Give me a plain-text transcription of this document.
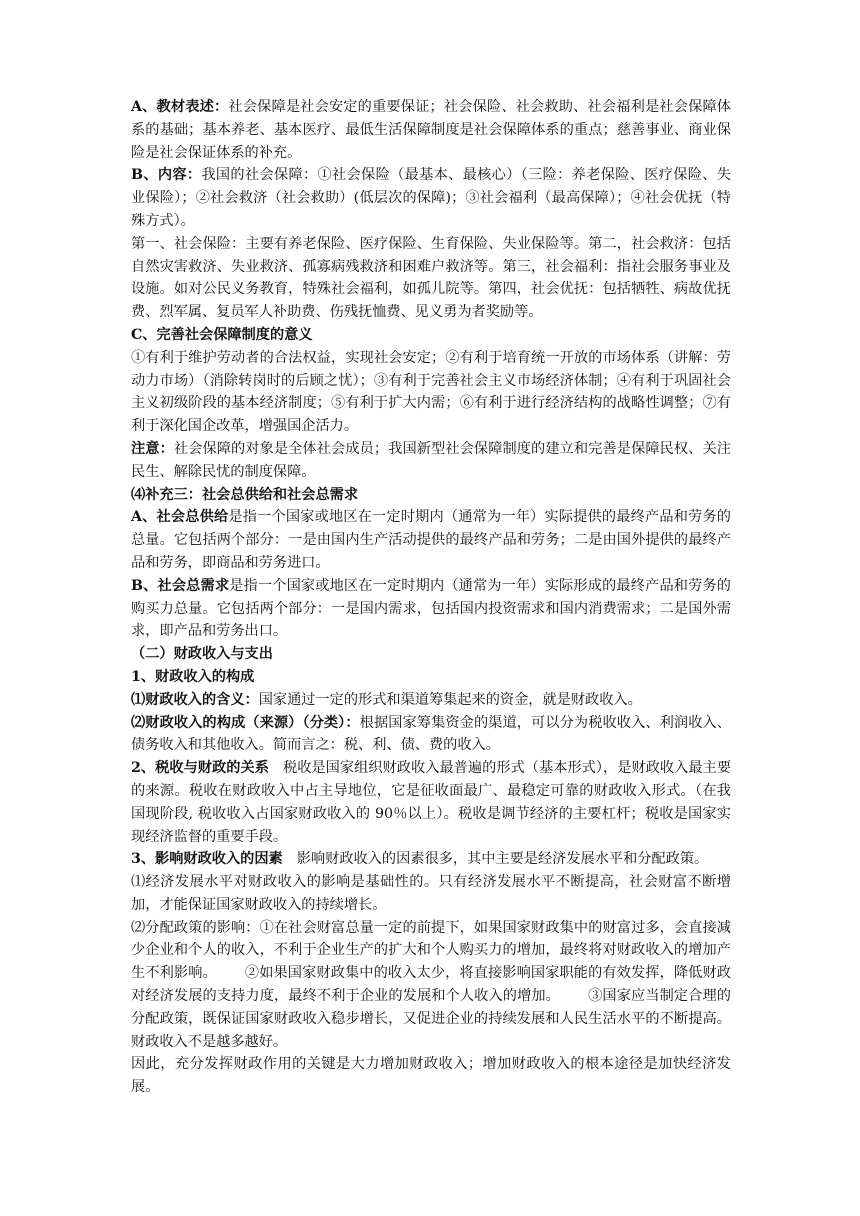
A、教材表述：社会保障是社会安定的重要保证；社会保险、社会救助、社会福利是社会保障体系的基础；基本养老、基本医疗、最低生活保障制度是社会保障体系的重点；慈善事业、商业保险是社会保证体系的补充。

B、内容：我国的社会保障：①社会保险（最基本、最核心）（三险：养老保险、医疗保险、失业保险）；②社会救济（社会救助）(低层次的保障)；③社会福利（最高保障）；④社会优抚（特殊方式）。

第一、社会保险：主要有养老保险、医疗保险、生育保险、失业保险等。第二，社会救济：包括自然灾害救济、失业救济、孤寡病残救济和困难户救济等。第三，社会福利：指社会服务事业及设施。如对公民义务教育，特殊社会福利，如孤儿院等。第四，社会优抚：包括牺牲、病故优抚费、烈军属、复员军人补助费、伤残抚恤费、见义勇为者奖励等。

C、完善社会保障制度的意义

①有利于维护劳动者的合法权益，实现社会安定；②有利于培育统一开放的市场体系（讲解：劳动力市场）（消除转岗时的后顾之忧）；③有利于完善社会主义市场经济体制；④有利于巩固社会主义初级阶段的基本经济制度；⑤有利于扩大内需；⑥有利于进行经济结构的战略性调整；⑦有利于深化国企改革，增强国企活力。

注意：社会保障的对象是全体社会成员；我国新型社会保障制度的建立和完善是保障民权、关注民生、解除民忧的制度保障。

⑷补充三：社会总供给和社会总需求

A、社会总供给是指一个国家或地区在一定时期内（通常为一年）实际提供的最终产品和劳务的总量。它包括两个部分：一是由国内生产活动提供的最终产品和劳务；二是由国外提供的最终产品和劳务，即商品和劳务进口。

B、社会总需求是指一个国家或地区在一定时期内（通常为一年）实际形成的最终产品和劳务的购买力总量。它包括两个部分：一是国内需求，包括国内投资需求和国内消费需求；二是国外需求，即产品和劳务出口。

（二）财政收入与支出

1、财政收入的构成

⑴财政收入的含义：国家通过一定的形式和渠道筹集起来的资金，就是财政收入。

⑵财政收入的构成（来源）（分类）：根据国家筹集资金的渠道，可以分为税收收入、利润收入、债务收入和其他收入。简而言之：税、利、债、费的收入。

2、税收与财政的关系 税收是国家组织财政收入最普遍的形式（基本形式），是财政收入最主要的来源。税收在财政收入中占主导地位，它是征收面最广、最稳定可靠的财政收入形式。（在我国现阶段, 税收收入占国家财政收入的 90％以上）。税收是调节经济的主要杠杆；税收是国家实现经济监督的重要手段。

3、影响财政收入的因素 影响财政收入的因素很多，其中主要是经济发展水平和分配政策。

⑴经济发展水平对财政收入的影响是基础性的。只有经济发展水平不断提高，社会财富不断增加，才能保证国家财政收入的持续增长。

⑵分配政策的影响：①在社会财富总量一定的前提下，如果国家财政集中的财富过多，会直接减少企业和个人的收入，不利于企业生产的扩大和个人购买力的增加，最终将对财政收入的增加产生不利影响。 ②如果国家财政集中的收入太少，将直接影响国家职能的有效发挥，降低财政对经济发展的支持力度，最终不利于企业的发展和个人收入的增加。 ③国家应当制定合理的分配政策，既保证国家财政收入稳步增长，又促进企业的持续发展和人民生活水平的不断提高。财政收入不是越多越好。

因此，充分发挥财政作用的关键是大力增加财政收入；增加财政收入的根本途径是加快经济发展。
